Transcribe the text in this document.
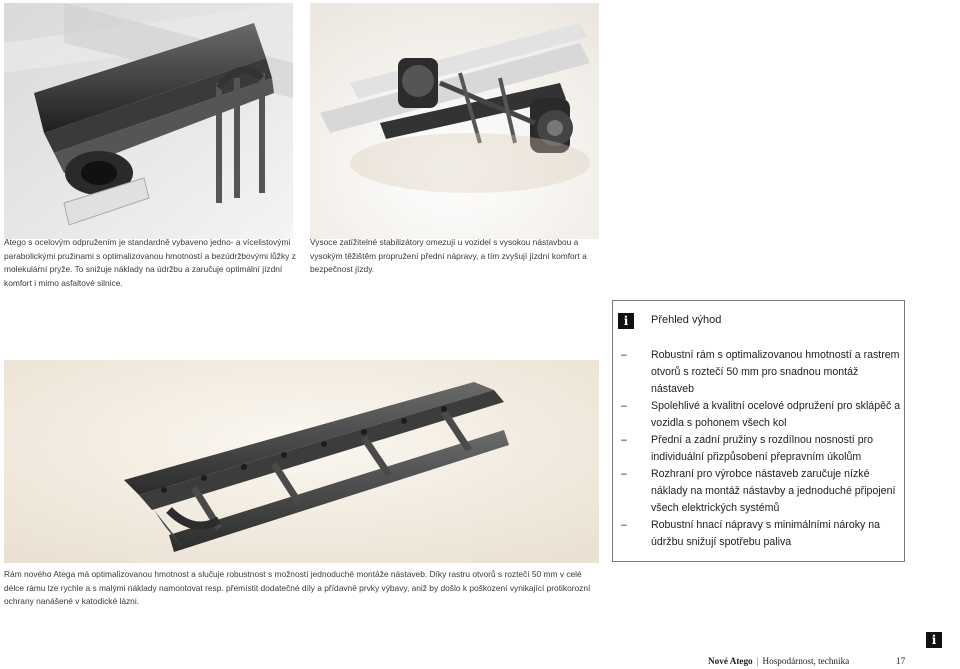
Atego s ocelovým odpružením je standardně vybaveno jedno- a vícelistovými parabolickými pružinami s optimalizovanou hmotností a bezúdržbovými lůžky z molekulární pryže. To snižuje náklady na údržbu a zaručuje optimální jízdní komfort i mimo asfaltové silnice.

Vysoce zatížitelné stabilizátory omezují u vozidel s vysokou nástavbou a vysokým těžištěm propružení přední nápravy, a tím zvyšují jízdní komfort a bezpečnost jízdy.

Rám nového Atega má optimalizovanou hmotnost a slučuje robustnost s možností jednoduché montáže nástaveb. Díky rastru otvorů s roztečí 50 mm v celé délce rámu lze rychle a s malými náklady namontovat resp. přemístit dodatečné díly a přídavné prvky výbavy, aniž by došlo k poškození vynikající protikorozní ochrany nanášené v katodické lázni.

i	Přehled výhod
– Robustní rám s optimalizovanou hmotností a rastrem otvorů s roztečí 50 mm pro snadnou montáž nástaveb
– Spolehlivé a kvalitní ocelové odpružení pro sklápěč a vozidla s pohonem všech kol
– Přední a zadní pružiny s rozdílnou nosností pro individuální přizpůsobení přepravním úkolům
– Rozhraní pro výrobce nástaveb zaručuje nízké náklady na montáž nástavby a jednoduché připojení všech elektrických systémů
– Robustní hnací nápravy s minimálními nároky na údržbu snižují spotřebu paliva
i
Nové Atego | Hospodárnost, technika	17
